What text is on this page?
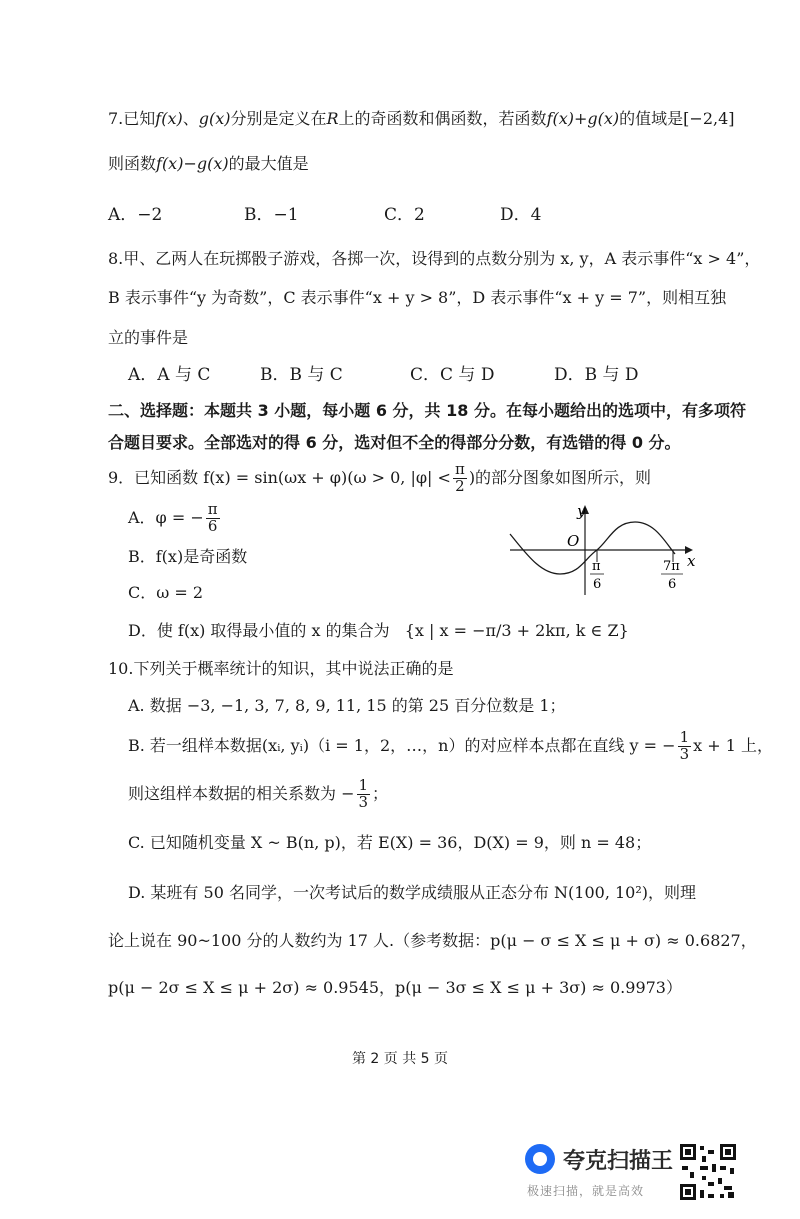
7.已知f(x)、g(x)分别是定义在R上的奇函数和偶函数，若函数f(x)+g(x)的值域是[−2,4]
则函数f(x)−g(x)的最大值是
A．−2	B．−1	C．2	D．4
8.甲、乙两人在玩掷骰子游戏，各掷一次，设得到的点数分别为 x, y，A 表示事件“x > 4”，
B 表示事件“y 为奇数”，C 表示事件“x + y > 8”，D 表示事件“x + y = 7”，则相互独
立的事件是
A．A 与 C	B．B 与 C	C．C 与 D	D．B 与 D
二、选择题：本题共 3 小题，每小题 6 分，共 18 分。在每小题给出的选项中，有多项符
合题目要求。全部选对的得 6 分，选对但不全的得部分分数，有选错的得 0 分。
9．已知函数 f(x) = sin(ωx + φ)(ω > 0, $|\varphi| < \frac{\pi}{2}$ )的部分图象如图所示，则
A．φ = − $\frac{\pi}{6}$
B．f(x)是奇函数
C．ω = 2
D．使 f(x) 取得最小值的 x 的集合为 {x | x = −π/3 + 2kπ, k ∈ Z}
y
x
O
π
6
7π
6
10.下列关于概率统计的知识，其中说法正确的是
A. 数据 −3, −1, 3, 7, 8, 9, 11, 15 的第 25 百分位数是 1；
B. 若一组样本数据(xᵢ, yᵢ)（i = 1，2，…，n）的对应样本点都在直线 y = − $\frac{1}{3}$ x + 1 上，
则这组样本数据的相关系数为 − $\frac{1}{3}$ ；
C. 已知随机变量 X ~ B(n, p)，若 E(X) = 36，D(X) = 9，则 n = 48；
D. 某班有 50 名同学，一次考试后的数学成绩服从正态分布 N(100, 10²)，则理
论上说在 90~100 分的人数约为 17 人.（参考数据：p(μ − σ ≤ X ≤ μ + σ) ≈ 0.6827，
p(μ − 2σ ≤ X ≤ μ + 2σ) ≈ 0.9545，p(μ − 3σ ≤ X ≤ μ + 3σ) ≈ 0.9973）
第 2 页 共 5 页
夸克扫描王
极速扫描，就是高效
